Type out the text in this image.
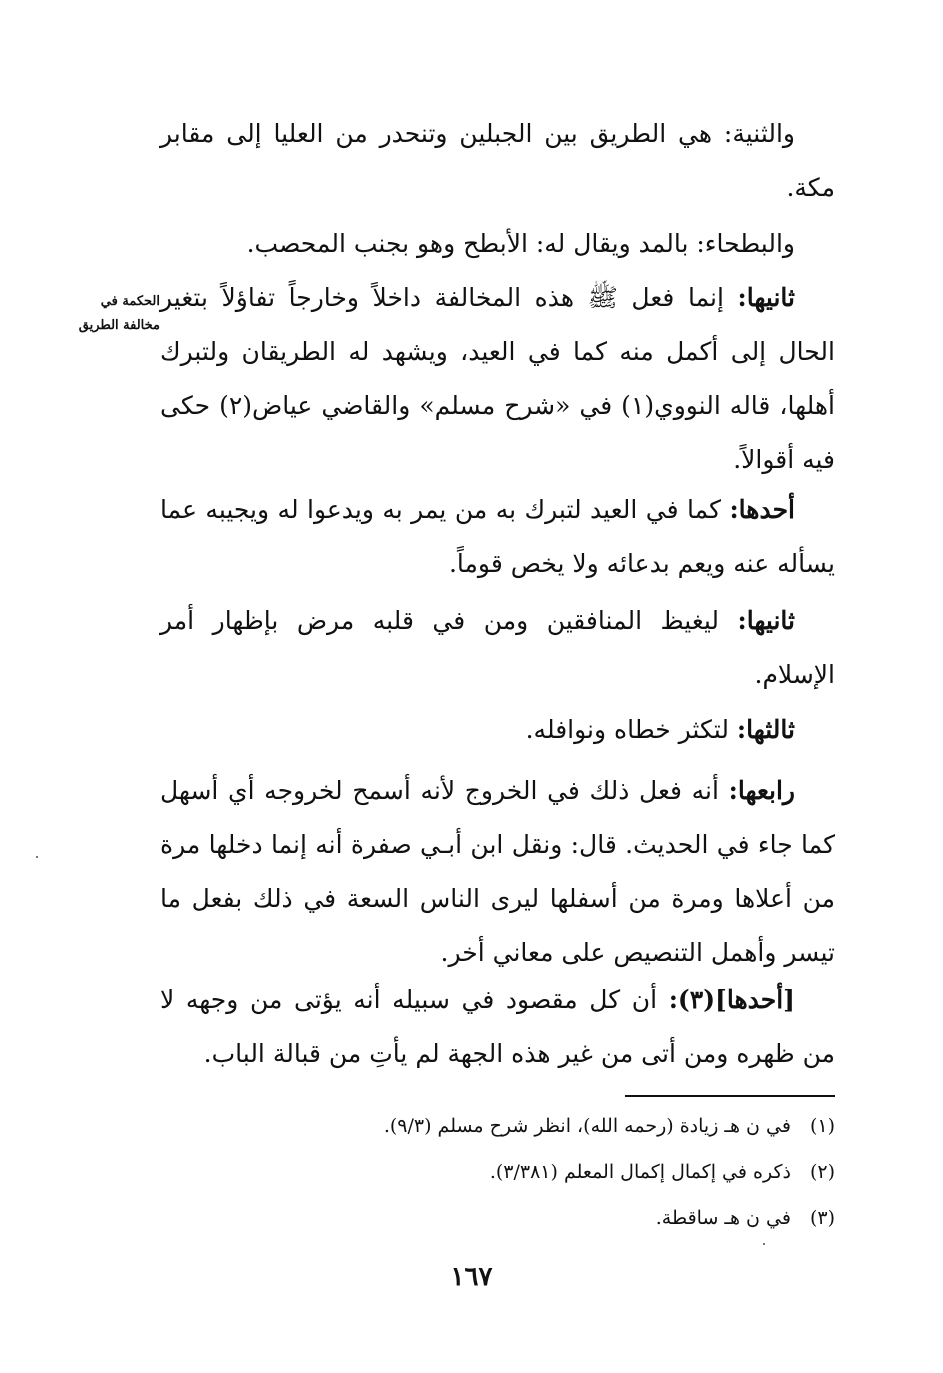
الحكمة في مخالفة الطريق

والثنية: هي الطريق بين الجبلين وتنحدر من العليا إلى مقابر مكة.

والبطحاء: بالمد ويقال له: الأبطح وهو بجنب المحصب.

ثانيها: إنما فعل ﷺ هذه المخالفة داخلاً وخارجاً تفاؤلاً بتغير الحال إلى أكمل منه كما في العيد، ويشهد له الطريقان ولتبرك أهلها، قاله النووي(١) في «شرح مسلم» والقاضي عياض(٢) حكى فيه أقوالاً.

أحدها: كما في العيد لتبرك به من يمر به ويدعوا له ويجيبه عما يسأله عنه ويعم بدعائه ولا يخص قوماً.

ثانيها: ليغيظ المنافقين ومن في قلبه مرض بإظهار أمر الإسلام.

ثالثها: لتكثر خطاه ونوافله.

رابعها: أنه فعل ذلك في الخروج لأنه أسمح لخروجه أي أسهل كما جاء في الحديث. قال: ونقل ابن أبـي صفرة أنه إنما دخلها مرة من أعلاها ومرة من أسفلها ليرى الناس السعة في ذلك بفعل ما تيسر وأهمل التنصيص على معاني أخر.

[أحدها](٣): أن كل مقصود في سبيله أنه يؤتى من وجهه لا من ظهره ومن أتى من غير هذه الجهة لم يأتِ من قبالة الباب.

(١) في ن هـ زيادة (رحمه الله)، انظر شرح مسلم (٩/٣).
(٢) ذكره في إكمال إكمال المعلم (٣/٣٨١).
(٣) في ن هـ ساقطة.
١٦٧
